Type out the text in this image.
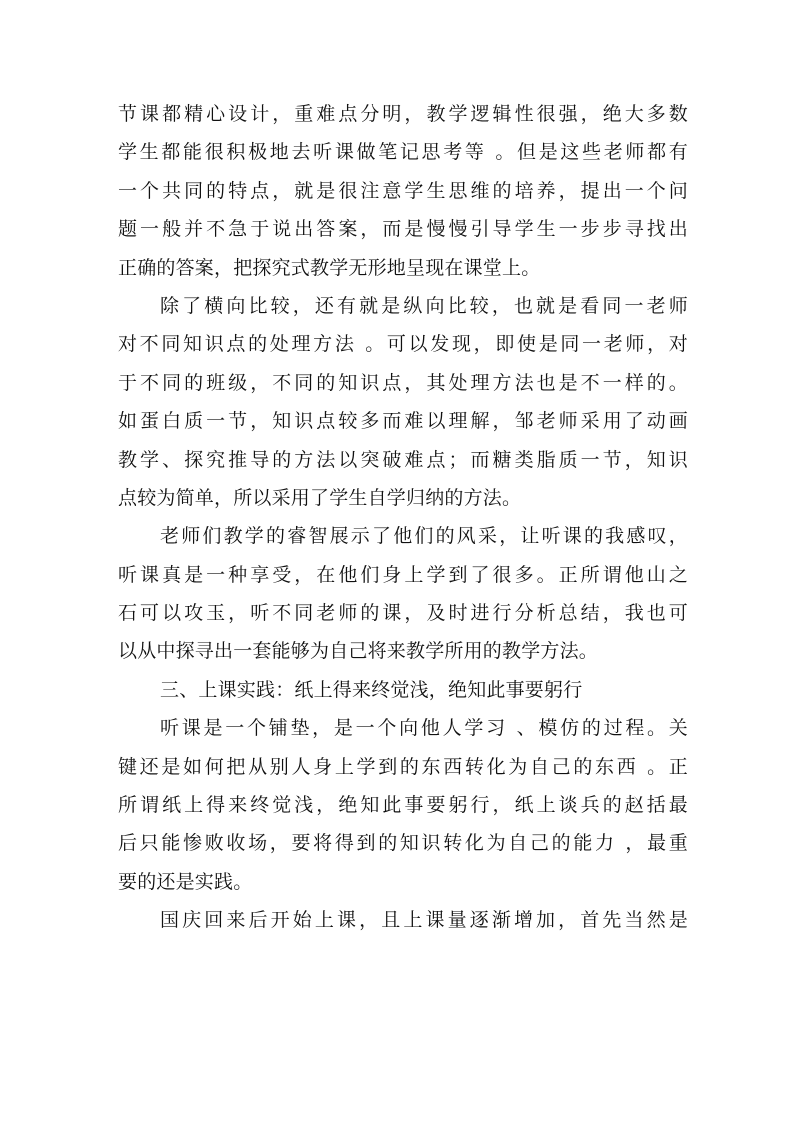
节课都精心设计，重难点分明，教学逻辑性很强，绝大多数
学生都能很积极地去听课做笔记思考等 。但是这些老师都有
一个共同的特点，就是很注意学生思维的培养，提出一个问
题一般并不急于说出答案，而是慢慢引导学生一步步寻找出
正确的答案，把探究式教学无形地呈现在课堂上。
除了横向比较，还有就是纵向比较，也就是看同一老师
对不同知识点的处理方法 。可以发现，即使是同一老师，对
于不同的班级，不同的知识点，其处理方法也是不一样的。
如蛋白质一节，知识点较多而难以理解，邹老师采用了动画
教学、探究推导的方法以突破难点；而糖类脂质一节，知识
点较为简单，所以采用了学生自学归纳的方法。
老师们教学的睿智展示了他们的风采，让听课的我感叹，
听课真是一种享受，在他们身上学到了很多。正所谓他山之
石可以攻玉，听不同老师的课，及时进行分析总结，我也可
以从中探寻出一套能够为自己将来教学所用的教学方法。
三、上课实践：纸上得来终觉浅，绝知此事要躬行
听课是一个铺垫，是一个向他人学习 、模仿的过程。关
键还是如何把从别人身上学到的东西转化为自己的东西 。正
所谓纸上得来终觉浅，绝知此事要躬行，纸上谈兵的赵括最
后只能惨败收场，要将得到的知识转化为自己的能力 ，最重
要的还是实践。
国庆回来后开始上课，且上课量逐渐增加，首先当然是
